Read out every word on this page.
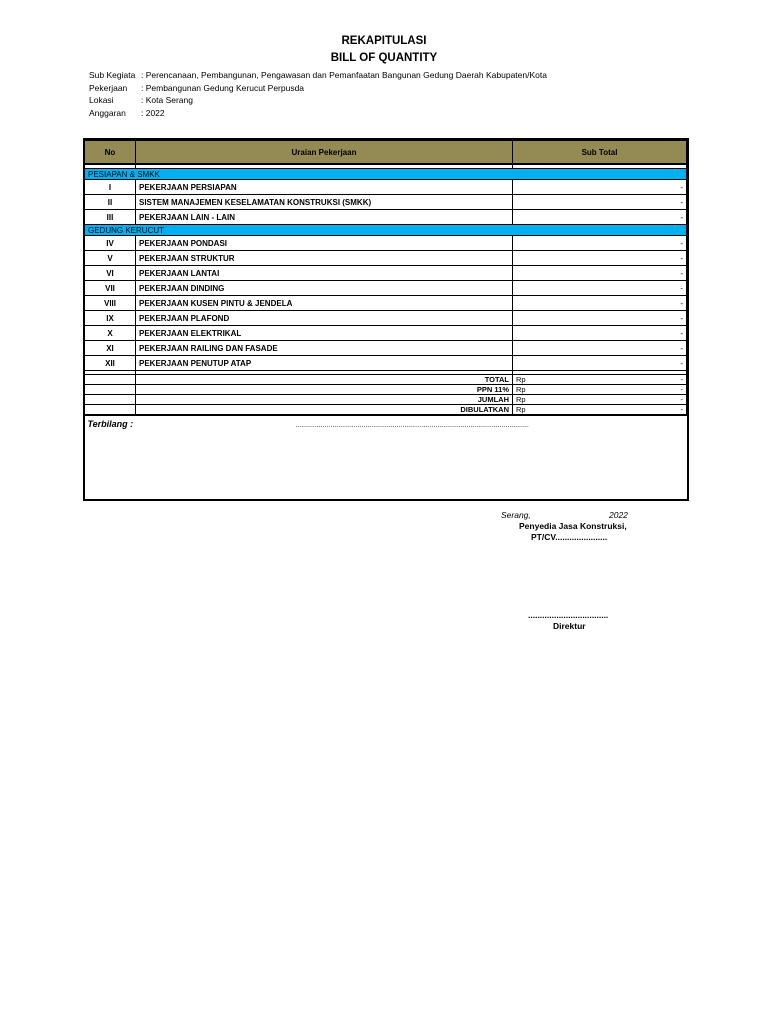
REKAPITULASI
BILL OF QUANTITY
Sub Kegiata : Perencanaan, Pembangunan, Pengawasan dan Pemanfaatan Bangunan Gedung Daerah Kabupaten/Kota
Pekerjaan	: Pembangunan Gedung Kerucut Perpusda
Lokasi	: Kota Serang
Anggaran	: 2022
No	Uraian Pekerjaan	Sub Total

PESIAPAN & SMKK		
I	PEKERJAAN PERSIAPAN	-
II	SISTEM MANAJEMEN KESELAMATAN KONSTRUKSI (SMKK)	-
III	PEKERJAAN LAIN - LAIN	-
GEDUNG KERUCUT		
IV	PEKERJAAN PONDASI	-
V	PEKERJAAN STRUKTUR	-
VI	PEKERJAAN LANTAI	-
VII	PEKERJAAN DINDING	-
VIII	PEKERJAAN KUSEN PINTU & JENDELA	-
IX	PEKERJAAN PLAFOND	-
X	PEKERJAAN ELEKTRIKAL	-
XI	PEKERJAAN RAILING DAN FASADE	-
XII	PEKERJAAN PENUTUP ATAP	-

	TOTAL	Rp -

	PPN 11%	Rp -

	JUMLAH	Rp -

	DIBULATKAN	Rp -

Terbilang : ........................................................................................................................		
Serang,	2022
Penyedia Jasa Konstruksi,
PT/CV......................
..................................
Direktur
